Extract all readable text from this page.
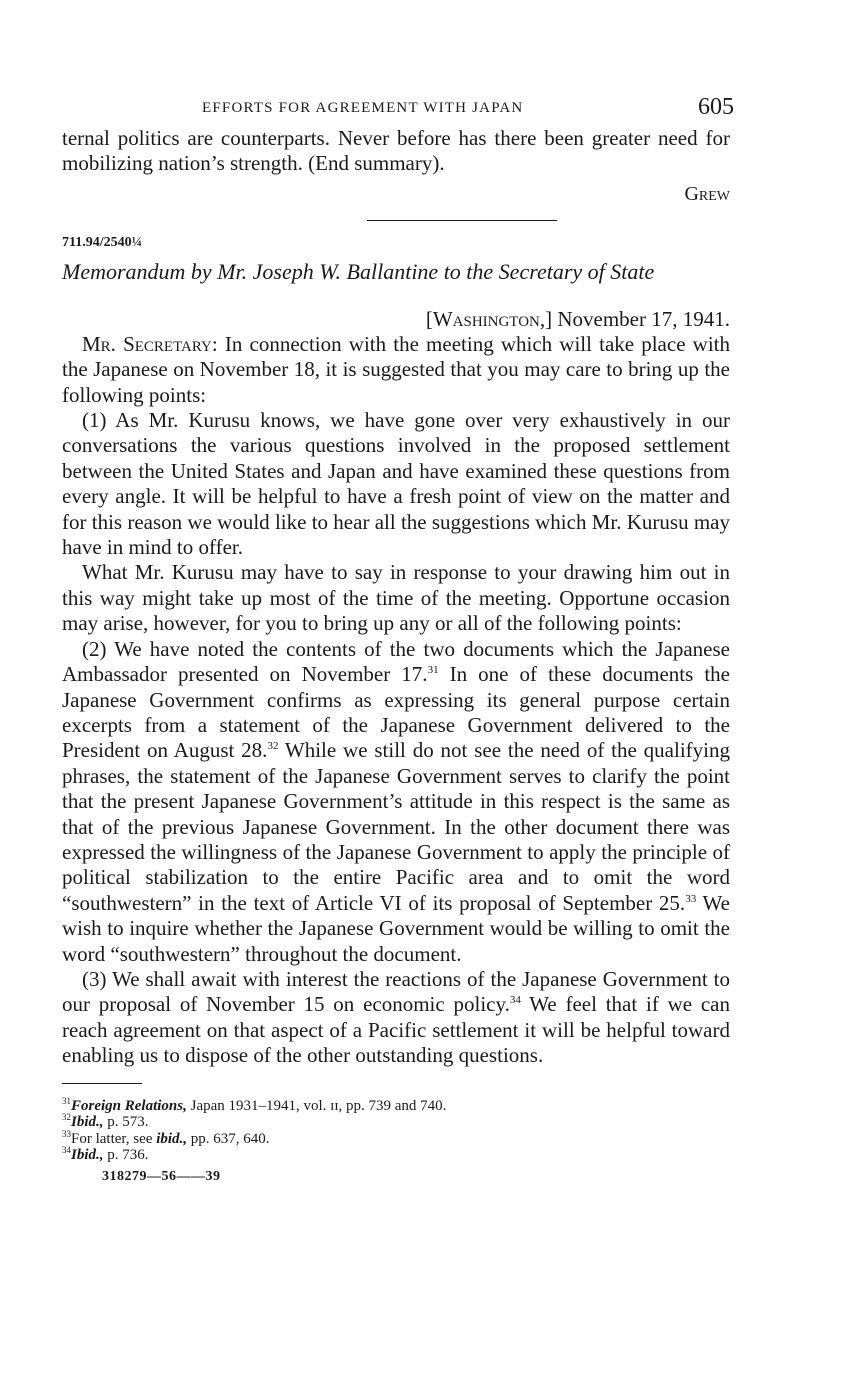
EFFORTS FOR AGREEMENT WITH JAPAN	605

ternal politics are counterparts. Never before has there been greater need for mobilizing nation’s strength. (End summary).

Grew
711.94/2540¼
Memorandum by Mr. Joseph W. Ballantine to the Secretary of State
[Washington,] November 17, 1941.

Mr. Secretary: In connection with the meeting which will take place with the Japanese on November 18, it is suggested that you may care to bring up the following points:

(1) As Mr. Kurusu knows, we have gone over very exhaustively in our conversations the various questions involved in the proposed settlement between the United States and Japan and have examined these questions from every angle. It will be helpful to have a fresh point of view on the matter and for this reason we would like to hear all the suggestions which Mr. Kurusu may have in mind to offer.

What Mr. Kurusu may have to say in response to your drawing him out in this way might take up most of the time of the meeting. Opportune occasion may arise, however, for you to bring up any or all of the following points:

(2) We have noted the contents of the two documents which the Japanese Ambassador presented on November 17.31 In one of these documents the Japanese Government confirms as expressing its general purpose certain excerpts from a statement of the Japanese Government delivered to the President on August 28.32 While we still do not see the need of the qualifying phrases, the statement of the Japanese Government serves to clarify the point that the present Japanese Government’s attitude in this respect is the same as that of the previous Japanese Government. In the other document there was expressed the willingness of the Japanese Government to apply the principle of political stabilization to the entire Pacific area and to omit the word “southwestern” in the text of Article VI of its proposal of September 25.33 We wish to inquire whether the Japanese Government would be willing to omit the word “southwestern” throughout the document.

(3) We shall await with interest the reactions of the Japanese Government to our proposal of November 15 on economic policy.$^{34}$ We feel that if we can reach agreement on that aspect of a Pacific settlement it will be helpful toward enabling us to dispose of the other outstanding questions.

$^{31}$Foreign Relations, Japan 1931–1941, vol. ɪɪ, pp. 739 and 740.

$^{32}$Ibid., p. 573.

$^{33}$For latter, see ibid., pp. 637, 640.

$^{34}$Ibid., p. 736.

318279—56——39
